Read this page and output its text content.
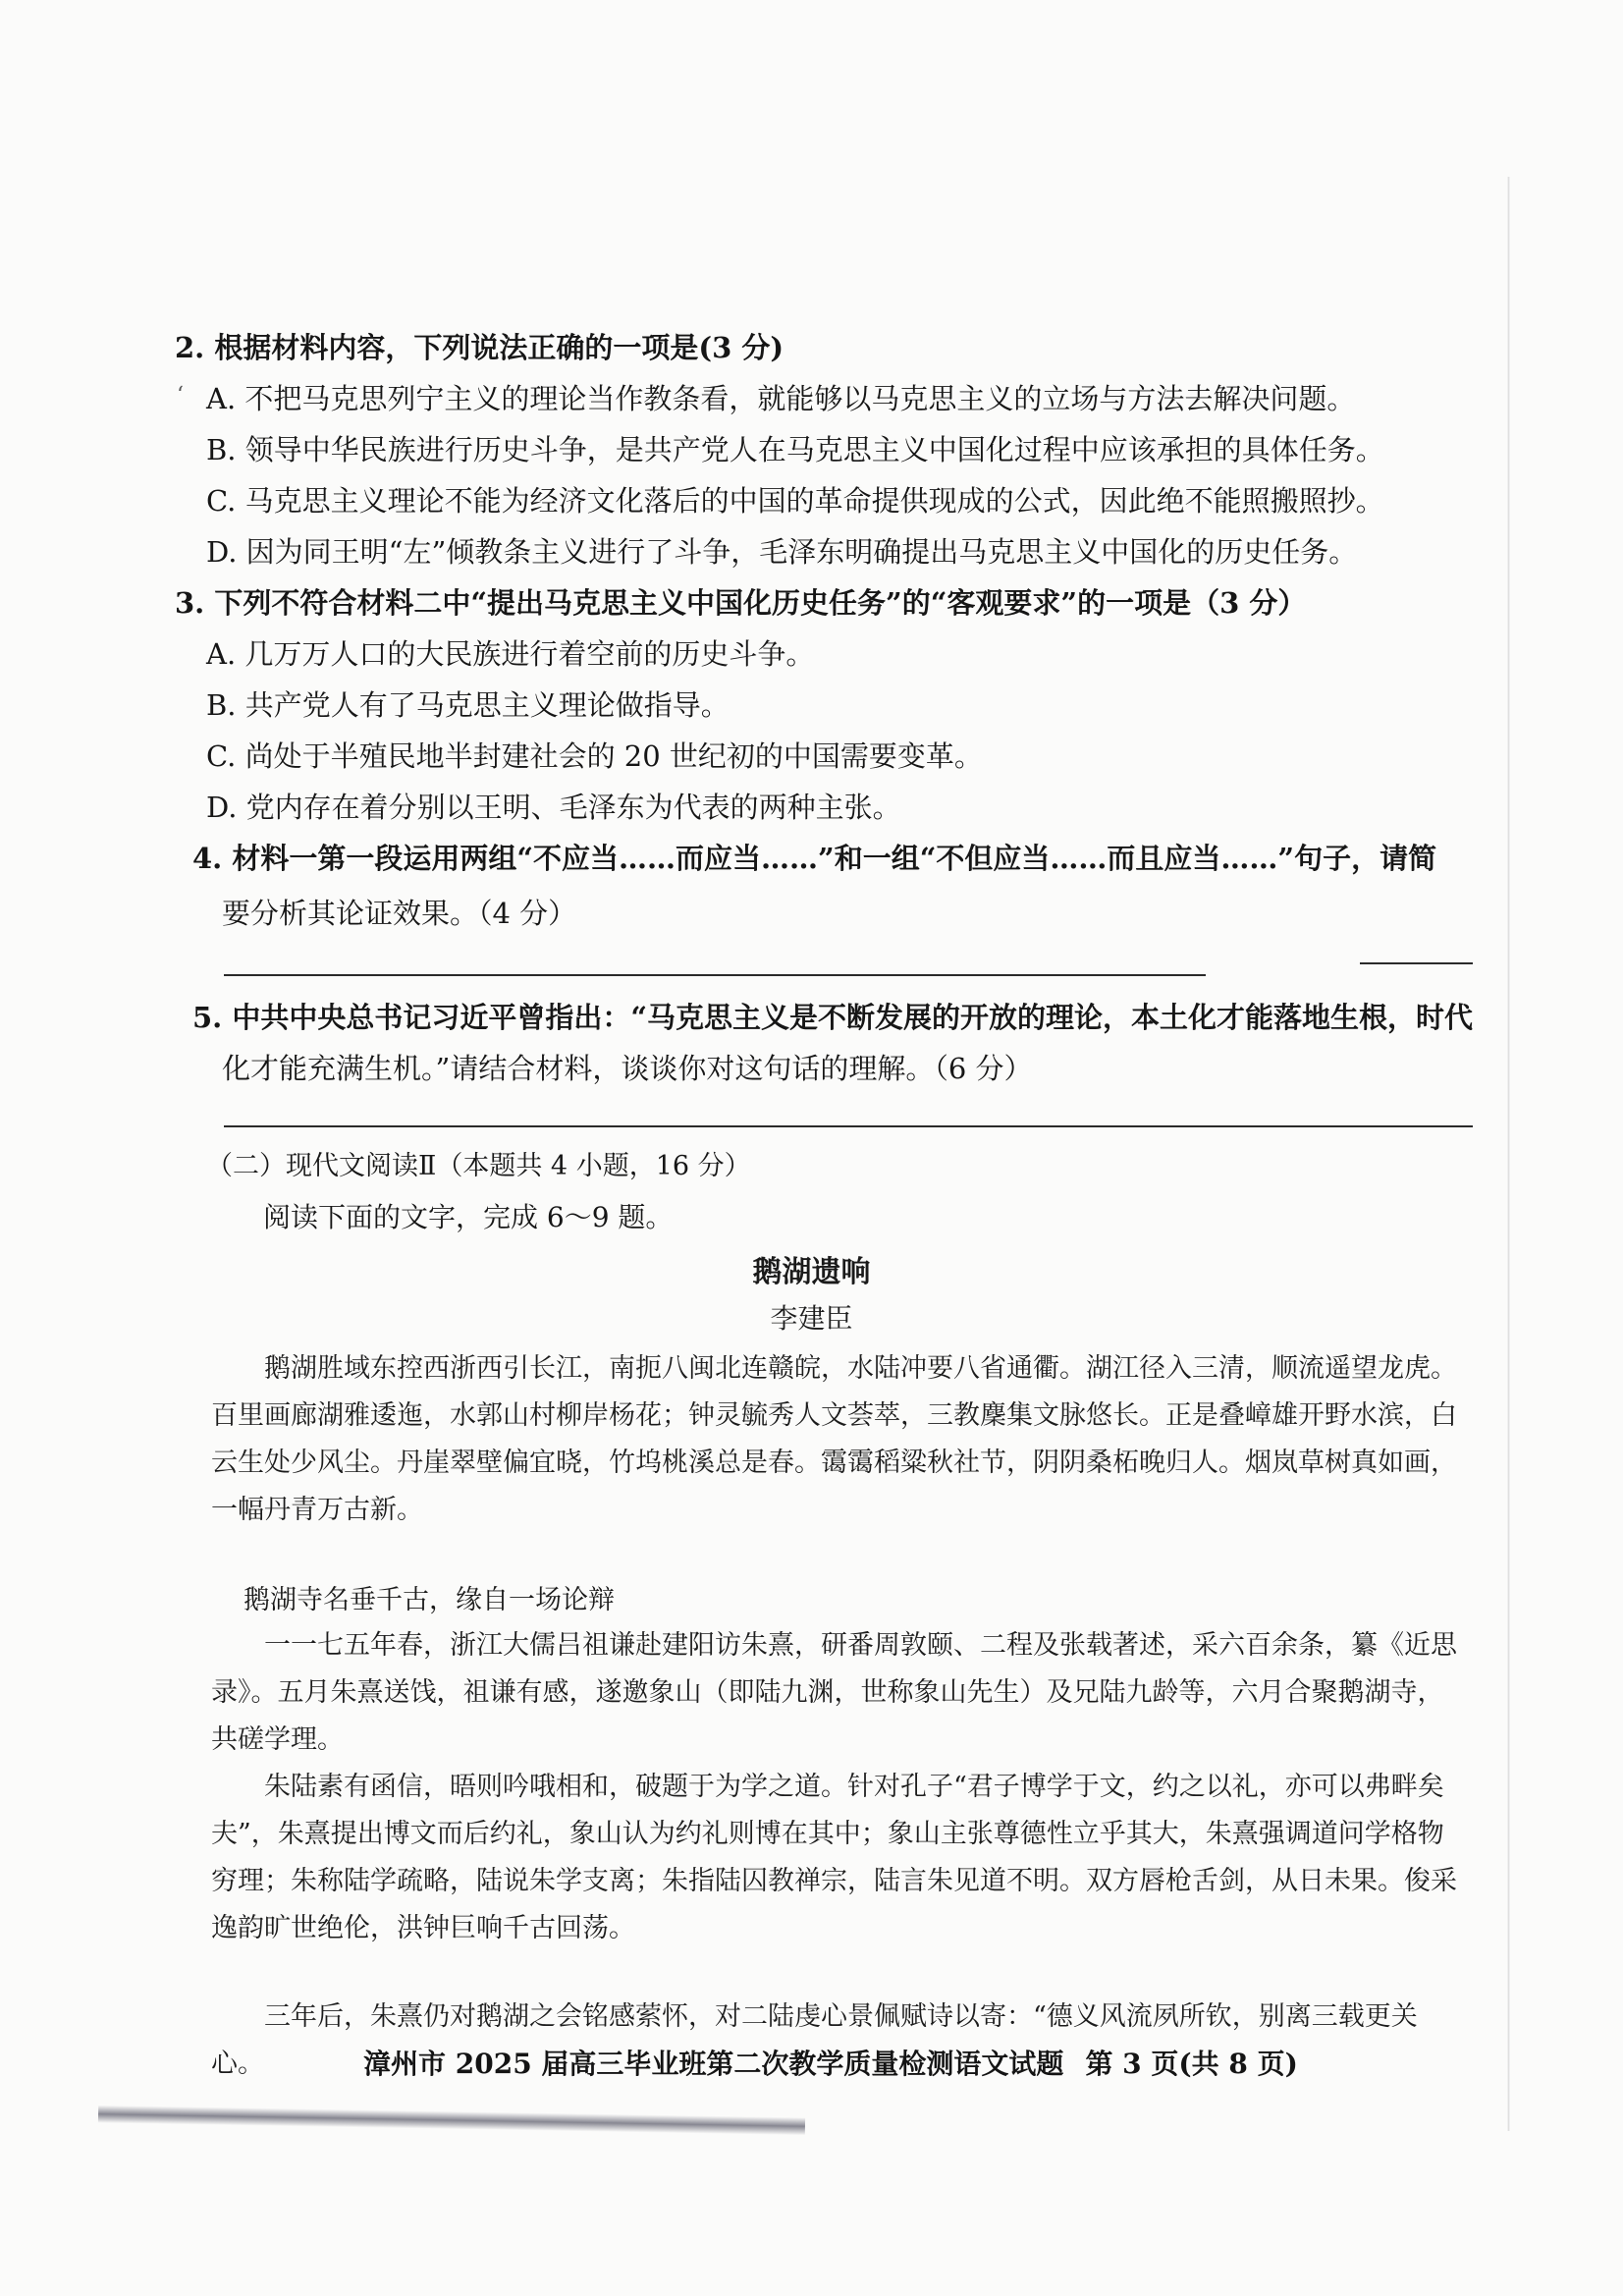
‘
2. 根据材料内容，下列说法正确的一项是(3 分)
A. 不把马克思列宁主义的理论当作教条看，就能够以马克思主义的立场与方法去解决问题。
B. 领导中华民族进行历史斗争，是共产党人在马克思主义中国化过程中应该承担的具体任务。
C. 马克思主义理论不能为经济文化落后的中国的革命提供现成的公式，因此绝不能照搬照抄。
D. 因为同王明“左”倾教条主义进行了斗争，毛泽东明确提出马克思主义中国化的历史任务。
3. 下列不符合材料二中“提出马克思主义中国化历史任务”的“客观要求”的一项是（3 分）
A. 几万万人口的大民族进行着空前的历史斗争。
B. 共产党人有了马克思主义理论做指导。
C. 尚处于半殖民地半封建社会的 20 世纪初的中国需要变革。
D. 党内存在着分别以王明、毛泽东为代表的两种主张。
4. 材料一第一段运用两组“不应当……而应当……”和一组“不但应当……而且应当……”句子，请简
要分析其论证效果。（4 分）
5. 中共中央总书记习近平曾指出：“马克思主义是不断发展的开放的理论，本土化才能落地生根，时代
化才能充满生机。”请结合材料，谈谈你对这句话的理解。（6 分）
（二）现代文阅读Ⅱ（本题共 4 小题，16 分）
阅读下面的文字，完成 6～9 题。
鹅湖遗响
李建臣

鹅湖胜域东控西浙西引长江，南扼八闽北连赣皖，水陆冲要八省通衢。湖江径入三清，顺流遥望龙虎。百里画廊湖雅逶迤，水郭山村柳岸杨花；钟灵毓秀人文荟萃，三教麇集文脉悠长。正是叠嶂雄开野水滨，白云生处少风尘。丹崖翠壁偏宜晓，竹坞桃溪总是春。霭霭稻粱秋社节，阴阴桑柘晚归人。烟岚草树真如画，一幅丹青万古新。

鹅湖寺名垂千古，缘自一场论辩

一一七五年春，浙江大儒吕祖谦赴建阳访朱熹，研番周敦颐、二程及张载著述，采六百余条，纂《近思录》。五月朱熹送饯，祖谦有感，遂邀象山（即陆九渊，世称象山先生）及兄陆九龄等，六月合聚鹅湖寺，共磋学理。

朱陆素有函信，晤则吟哦相和，破题于为学之道。针对孔子“君子博学于文，约之以礼，亦可以弗畔矣夫”，朱熹提出博文而后约礼，象山认为约礼则博在其中；象山主张尊德性立乎其大，朱熹强调道问学格物穷理；朱称陆学疏略，陆说朱学支离；朱指陆囚教禅宗，陆言朱见道不明。双方唇枪舌剑，从日未果。俊采逸韵旷世绝伦，洪钟巨响千古回荡。

三年后，朱熹仍对鹅湖之会铭感萦怀，对二陆虔心景佩赋诗以寄：“德义风流夙所钦，别离三载更关心。	漳州市 2025 届高三毕业班第二次教学质量检测语文试题 第 3 页(共 8 页)
